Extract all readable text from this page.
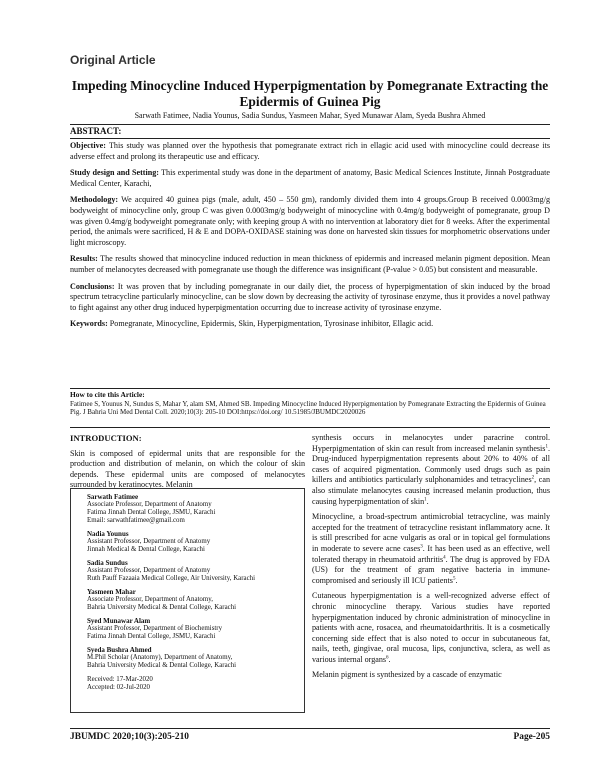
Original Article
Impeding Minocycline Induced Hyperpigmentation by Pomegranate Extracting the Epidermis of Guinea Pig
Sarwath Fatimee, Nadia Younus, Sadia Sundus, Yasmeen Mahar, Syed Munawar Alam, Syeda Bushra Ahmed
ABSTRACT:

Objective: This study was planned over the hypothesis that pomegranate extract rich in ellagic acid used with minocycline could decrease its adverse effect and prolong its therapeutic use and efficacy.

Study design and Setting: This experimental study was done in the department of anatomy, Basic Medical Sciences Institute, Jinnah Postgraduate Medical Center, Karachi,

Methodology: We acquired 40 guinea pigs (male, adult, 450 – 550 gm), randomly divided them into 4 groups.Group B received 0.0003mg/g bodyweight of minocycline only, group C was given 0.0003mg/g bodyweight of minocycline with 0.4mg/g bodyweight of pomegranate, group D was given 0.4mg/g bodyweight pomegranate only; with keeping group A with no intervention at laboratory diet for 8 weeks. After the experimental period, the animals were sacrificed, H & E and DOPA-OXIDASE staining was done on harvested skin tissues for morphometric observations under light microscopy.

Results: The results showed that minocycline induced reduction in mean thickness of epidermis and increased melanin pigment deposition. Mean number of melanocytes decreased with pomegranate use though the difference was insignificant (P-value > 0.05) but consistent and measurable.

Conclusions: It was proven that by including pomegranate in our daily diet, the process of hyperpigmentation of skin induced by the broad spectrum tetracycline particularly minocycline, can be slow down by decreasing the activity of tyrosinase enzyme, thus it provides a novel pathway to fight against any other drug induced hyperpigmentation occurring due to increase activity of tyrosinase enzyme.

Keywords: Pomegranate, Minocycline, Epidermis, Skin, Hyperpigmentation, Tyrosinase inhibitor, Ellagic acid.

How to cite this Article:
Fatimee S, Younus N, Sundus S, Mahar Y, alam SM, Ahmed SB. Impeding Minocycline Induced Hyperpigmentation by Pomegranate Extracting the Epidermis of Guinea Pig. J Bahria Uni Med Dental Coll. 2020;10(3): 205-10 DOI:https://doi.org/ 10.51985/JBUMDC2020026
INTRODUCTION:

Skin is composed of epidermal units that are responsible for the production and distribution of melanin, on which the colour of skin depends. These epidermal units are composed of melanocytes surrounded by keratinocytes. Melanin

Sarwath Fatimee
Associate Professor, Department of Anatomy
Fatima Jinnah Dental College, JSMU, Karachi
Email: sarwathfatimee@gmail.com
Nadia Younus
Assistant Professor, Department of Anatomy
Jinnah Medical & Dental College, Karachi
Sadia Sundus
Assistant Professor, Department of Anatomy
Ruth Pauff Fazaaia Medical College, Air University, Karachi
Yasmeen Mahar
Associate Professor, Department of Anatomy,
Bahria University Medical & Dental College, Karachi
Syed Munawar Alam
Assistant Professor, Department of Biochemistry
Fatima Jinnah Dental College, JSMU, Karachi
Syeda Bushra Ahmed
M.Phil Scholar (Anatomy), Department of Anatomy,
Bahria University Medical & Dental College, Karachi
Received: 17-Mar-2020
Accepted: 02-Jul-2020

synthesis occurs in melanocytes under paracrine control. Hyperpigmentation of skin can result from increased melanin synthesis$^1$. Drug-induced hyperpigmentation represents about 20% to 40% of all cases of acquired pigmentation. Commonly used drugs such as pain killers and antibiotics particularly sulphonamides and tetracyclines$^2$, can also stimulate melanocytes causing increased melanin production, thus causing hyperpigmentation of skin$^1$.

Minocycline, a broad-spectrum antimicrobial tetracycline, was mainly accepted for the treatment of tetracycline resistant inflammatory acne. It is still prescribed for acne vulgaris as oral or in topical gel formulations in moderate to severe acne cases$^3$. It has been used as an effective, well tolerated therapy in rheumatoid arthritis$^4$. The drug is approved by FDA (US) for the treatment of gram negative bacteria in immune-compromised and seriously ill ICU patients$^5$.

Cutaneous hyperpigmentation is a well-recognized adverse effect of chronic minocycline therapy. Various studies have reported hyperpigmentation induced by chronic administration of minocycline in patients with acne, rosacea, and rheumatoidarthritis. It is a cosmetically concerning side effect that is also noted to occur in subcutaneous fat, nails, teeth, gingivae, oral mucosa, lips, conjunctiva, sclera, as well as various internal organs$^6$.

Melanin pigment is synthesized by a cascade of enzymatic

JBUMDC 2020;10(3):205-210	Page-205
